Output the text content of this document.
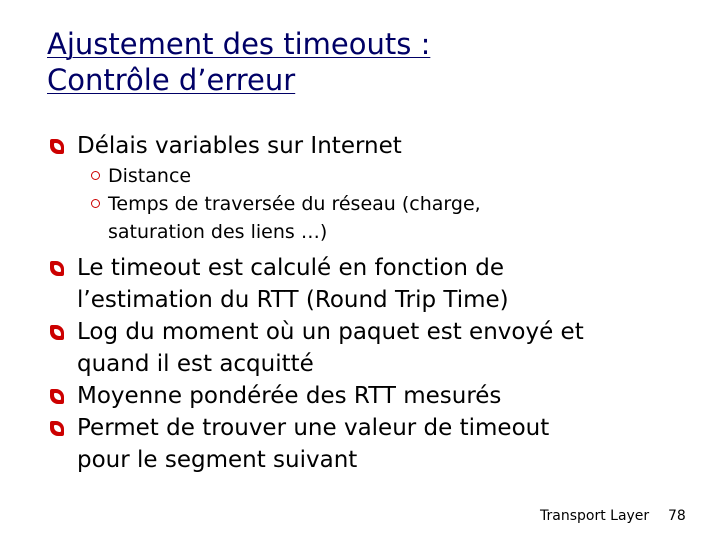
Ajustement des timeouts :
Contrôle d’erreur
Délais variables sur Internet
Distance
Temps de traversée du réseau (charge,
saturation des liens …)
Le timeout est calculé en fonction de
l’estimation du RTT (Round Trip Time)
Log du moment où un paquet est envoyé et
quand il est acquitté
Moyenne pondérée des RTT mesurés
Permet de trouver une valeur de timeout
pour le segment suivant
Transport Layer 78
